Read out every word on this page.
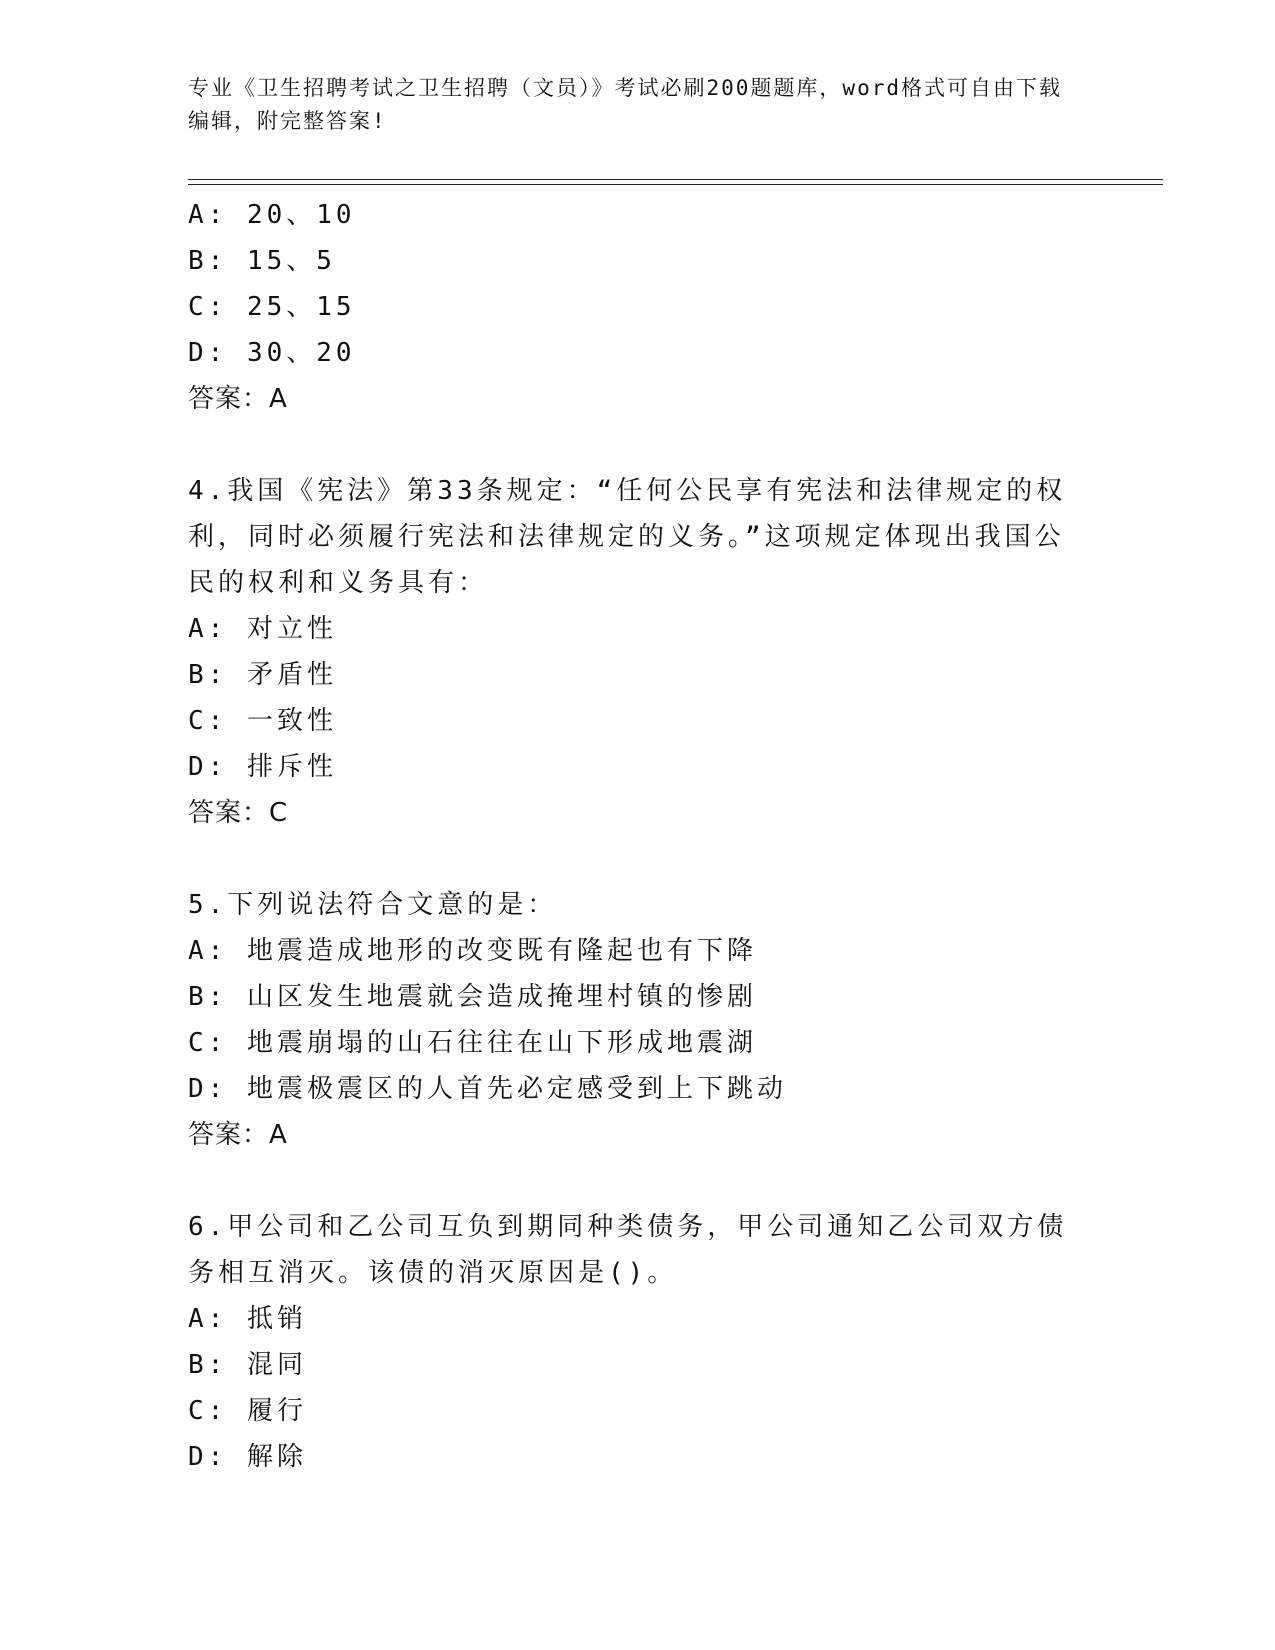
专业《卫生招聘考试之卫生招聘（文员）》考试必刷200题题库，word格式可自由下载编辑，附完整答案!
A: 20、10
B: 15、5
C: 25、15
D: 30、20
答案：A
4.我国《宪法》第33条规定：“任何公民享有宪法和法律规定的权利，同时必须履行宪法和法律规定的义务。”这项规定体现出我国公民的权利和义务具有：
A: 对立性
B: 矛盾性
C: 一致性
D: 排斥性
答案：C
5.下列说法符合文意的是：
A: 地震造成地形的改变既有隆起也有下降
B: 山区发生地震就会造成掩埋村镇的惨剧
C: 地震崩塌的山石往往在山下形成地震湖
D: 地震极震区的人首先必定感受到上下跳动
答案：A
6.甲公司和乙公司互负到期同种类债务，甲公司通知乙公司双方债务相互消灭。该债的消灭原因是()。
A: 抵销
B: 混同
C: 履行
D: 解除
